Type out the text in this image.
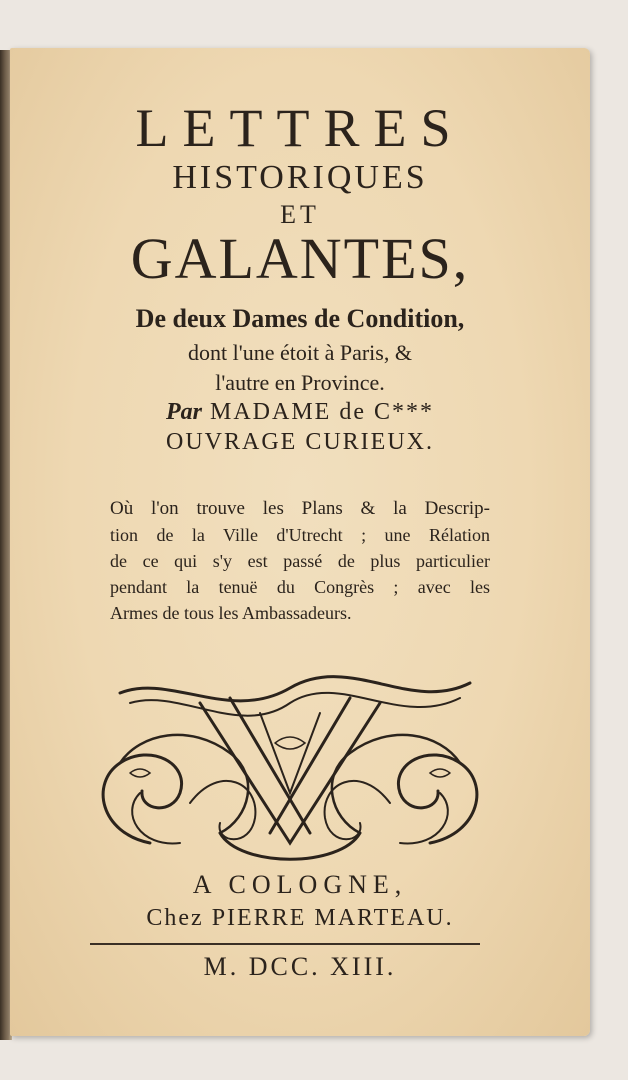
LETTRES
HISTORIQUES
ET
GALANTES,
De deux Dames de Condition,
dont l'une étoit à Paris, &
l'autre en Province.
Par MADAME de C***
OUVRAGE CURIEUX.
Où l'on trouve les Plans & la Descrip-
tion de la Ville d'Utrecht ; une Rélation
de ce qui s'y est passé de plus particulier
pendant la tenuë du Congrès ; avec les
Armes de tous les Ambassadeurs.
A COLOGNE,
Chez PIERRE MARTEAU.
M. DCC. XIII.
